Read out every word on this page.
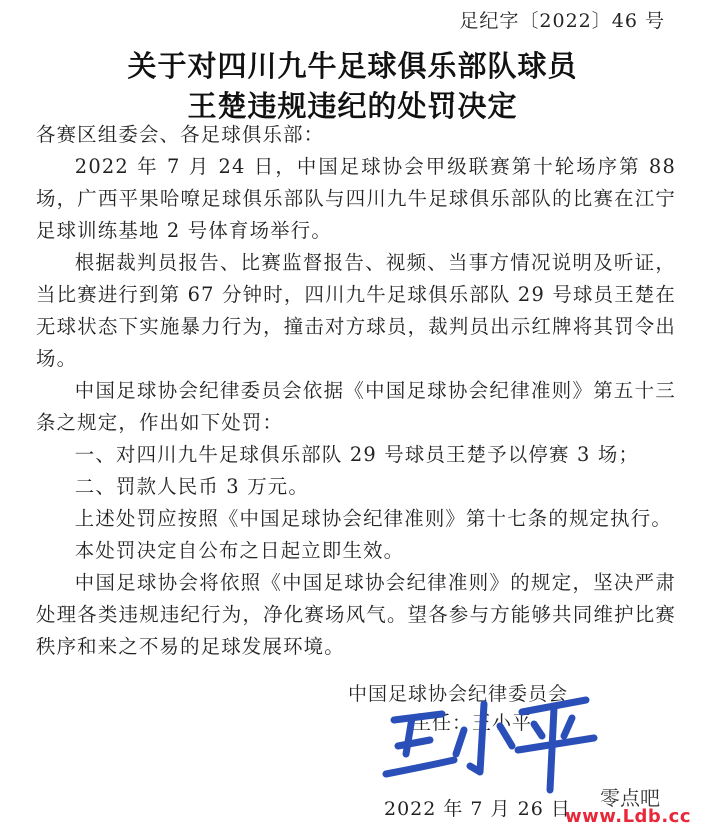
足纪字〔2022〕46 号
关于对四川九牛足球俱乐部队球员
王楚违规违纪的处罚决定

各赛区组委会、各足球俱乐部：

2022 年 7 月 24 日，中国足球协会甲级联赛第十轮场序第 88 场，广西平果哈嘹足球俱乐部队与四川九牛足球俱乐部队的比赛在江宁足球训练基地 2 号体育场举行。

根据裁判员报告、比赛监督报告、视频、当事方情况说明及听证，当比赛进行到第 67 分钟时，四川九牛足球俱乐部队 29 号球员王楚在无球状态下实施暴力行为，撞击对方球员，裁判员出示红牌将其罚令出场。

中国足球协会纪律委员会依据《中国足球协会纪律准则》第五十三条之规定，作出如下处罚：

一、对四川九牛足球俱乐部队 29 号球员王楚予以停赛 3 场；

二、罚款人民币 3 万元。

上述处罚应按照《中国足球协会纪律准则》第十七条的规定执行。

本处罚决定自公布之日起立即生效。

中国足球协会将依照《中国足球协会纪律准则》的规定，坚决严肃处理各类违规违纪行为，净化赛场风气。望各参与方能够共同维护比赛秩序和来之不易的足球发展环境。

中国足球协会纪律委员会
主任：王小平
2022 年 7 月 26 日 零点吧
www.Ldb.cc
